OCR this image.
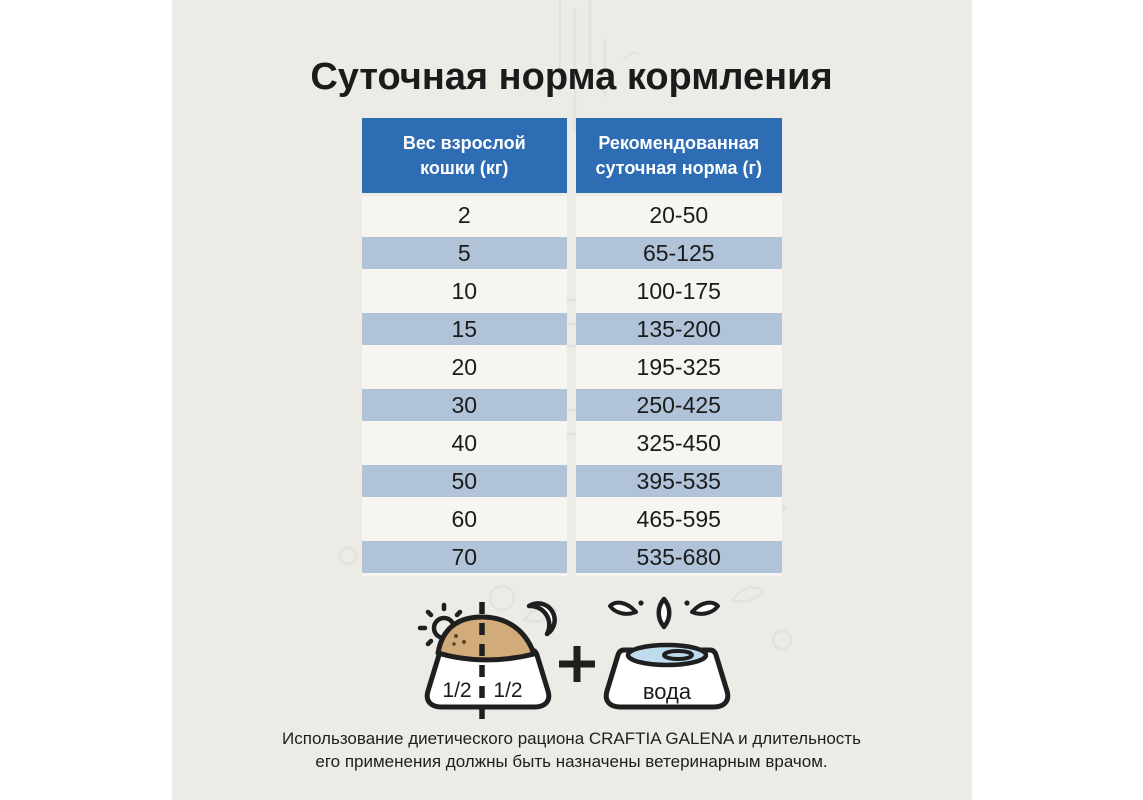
Суточная норма кормления
Вес взрослой
кошки (кг)
Рекомендованная
суточная норма (г)
2	20-50
5	65-125
10	100-175
15	135-200
20	195-325
30	250-425
40	325-450
50	395-535
60	465-595
70	535-680
1/2 1/2	вода
Использование диетического рациона CRAFTIA GALENA и длительность
его применения должны быть назначены ветеринарным врачом.
